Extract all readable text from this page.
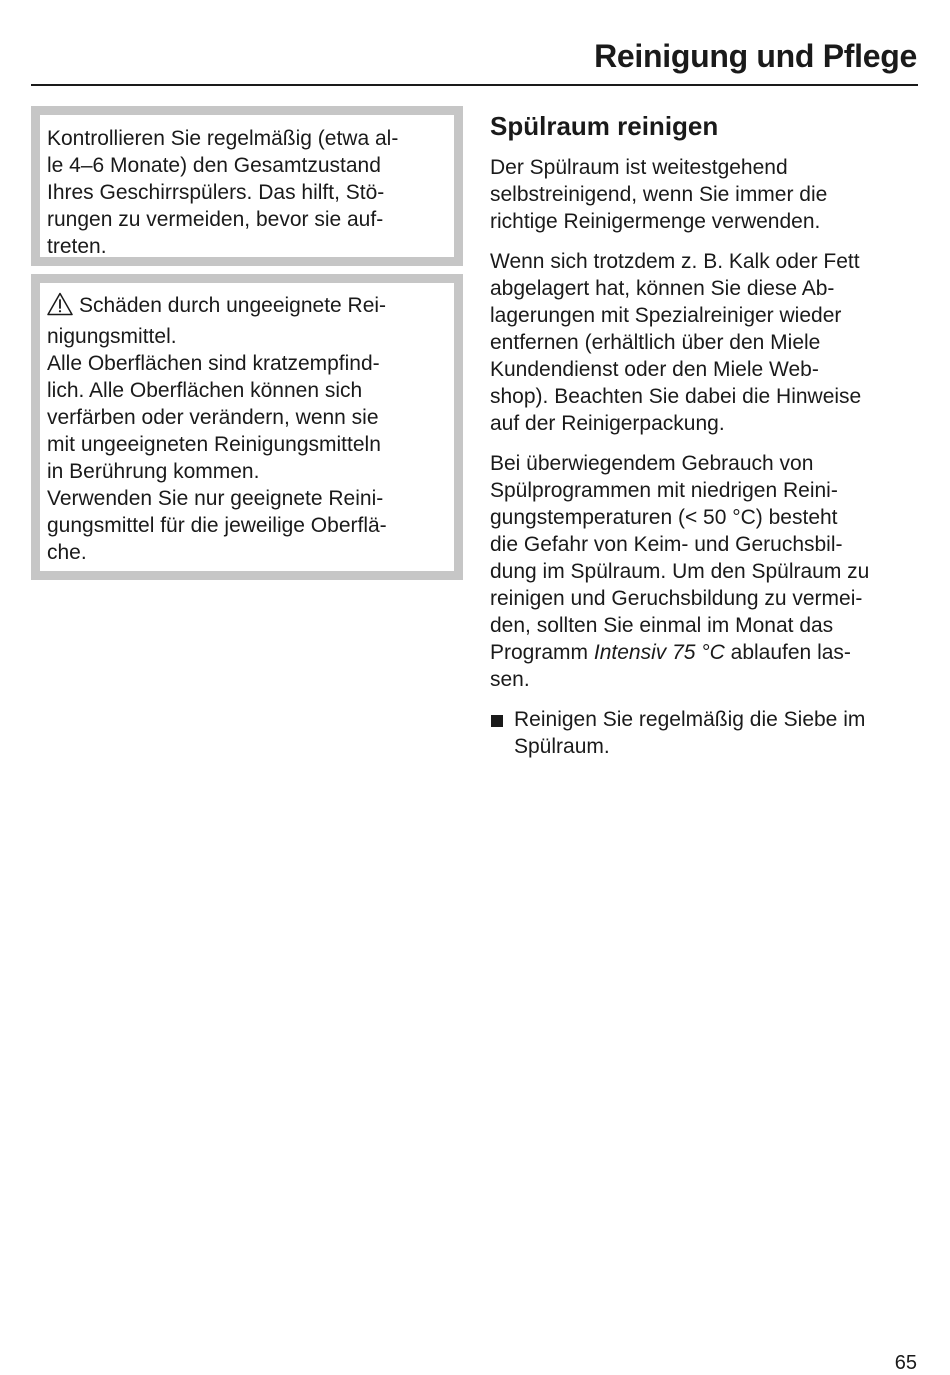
Reinigung und Pflege

Kontrollieren Sie regelmäßig (etwa al-
le 4–6 Monate) den Gesamtzustand
Ihres Geschirrspülers. Das hilft, Stö-
rungen zu vermeiden, bevor sie auf-
treten.

Schäden durch ungeeignete Rei-
nigungsmittel.

Alle Oberflächen sind kratzempfind-
lich. Alle Oberflächen können sich
verfärben oder verändern, wenn sie
mit ungeeigneten Reinigungsmitteln
in Berührung kommen.

Verwenden Sie nur geeignete Reini-
gungsmittel für die jeweilige Oberflä-
che.

Spülraum reinigen

Der Spülraum ist weitestgehend
selbstreinigend, wenn Sie immer die
richtige Reinigermenge verwenden.

Wenn sich trotzdem z. B. Kalk oder Fett
abgelagert hat, können Sie diese Ab-
lagerungen mit Spezialreiniger wieder
entfernen (erhältlich über den Miele
Kundendienst oder den Miele Web-
shop). Beachten Sie dabei die Hinweise
auf der Reinigerpackung.

Bei überwiegendem Gebrauch von
Spülprogrammen mit niedrigen Reini-
gungstemperaturen (< 50 °C) besteht
die Gefahr von Keim- und Geruchsbil-
dung im Spülraum. Um den Spülraum zu
reinigen und Geruchsbildung zu vermei-
den, sollten Sie einmal im Monat das
Programm Intensiv 75 °C ablaufen las-
sen.

Reinigen Sie regelmäßig die Siebe im
Spülraum.
65
